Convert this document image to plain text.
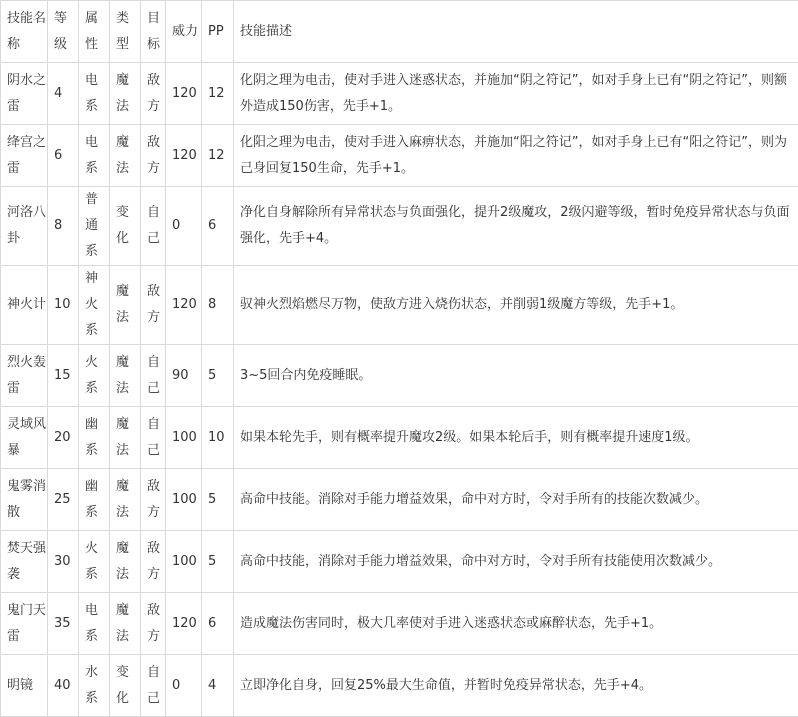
技能名称	等级	属性	类型	目标	威力	PP	技能描述

阴水之雷	4	电系	魔法	敌方	120	12	化阴之理为电击，使对手进入迷惑状态，并施加“阴之符记”，如对手身上已有“阴之符记”，则额外造成150伤害，先手+1。

绛宫之雷	6	电系	魔法	敌方	120	12	化阳之理为电击，使对手进入麻痹状态，并施加“阳之符记”，如对手身上已有“阳之符记”，则为己身回复150生命，先手+1。

河洛八卦	8	普通系	变化	自己	0	6	净化自身解除所有异常状态与负面强化，提升2级魔攻，2级闪避等级，暂时免疫异常状态与负面强化，先手+4。

神火计	10	神火系	魔法	敌方	120	8	驭神火烈焰燃尽万物，使敌方进入烧伤状态，并削弱1级魔方等级，先手+1。

烈火轰雷	15	火系	魔法	自己	90	5	3~5回合内免疫睡眠。

灵域风暴	20	幽系	魔法	自己	100	10	如果本轮先手，则有概率提升魔攻2级。如果本轮后手，则有概率提升速度1级。

鬼雾消散	25	幽系	魔法	敌方	100	5	高命中技能。消除对手能力增益效果，命中对方时，令对手所有的技能次数减少。

焚天强袭	30	火系	魔法	敌方	100	5	高命中技能，消除对手能力增益效果，命中对方时，令对手所有技能使用次数减少。

鬼门天雷	35	电系	魔法	敌方	120	6	造成魔法伤害同时，极大几率使对手进入迷惑状态或麻醉状态，先手+1。

明镜	40	水系	变化	自己	0	4	立即净化自身，回复25%最大生命值，并暂时免疫异常状态，先手+4。
